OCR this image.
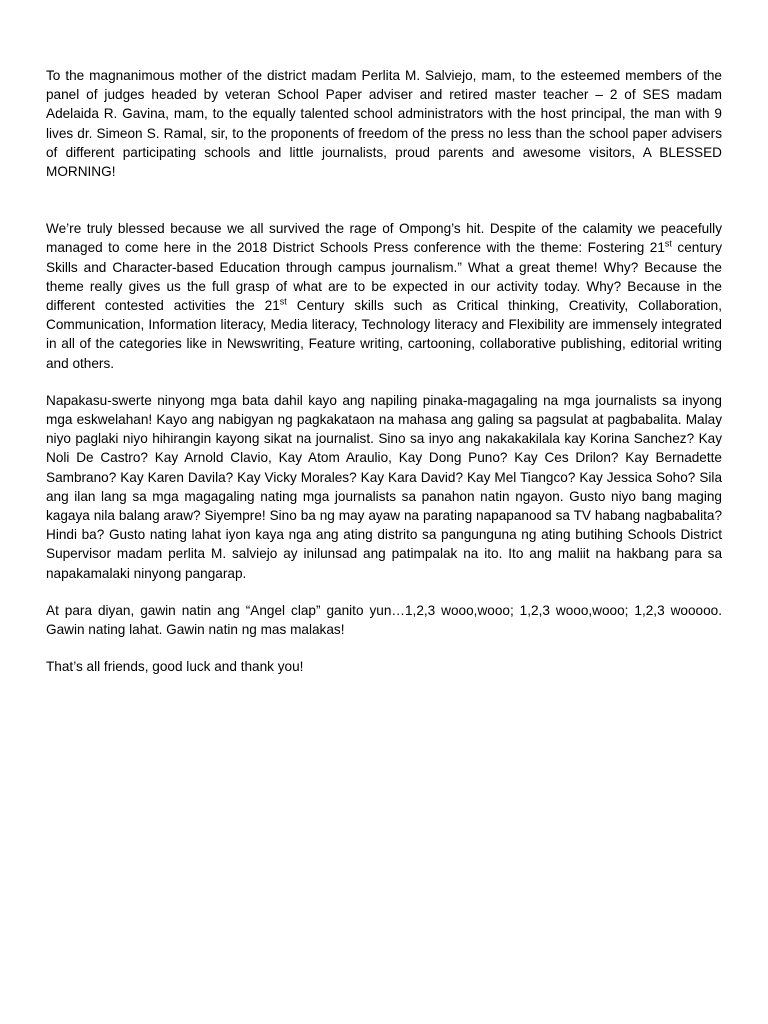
To the magnanimous mother of the district madam Perlita M. Salviejo, mam, to the esteemed members of the panel of judges headed by veteran School Paper adviser and retired master teacher – 2 of SES madam Adelaida R. Gavina, mam, to the equally talented school administrators with the host principal, the man with 9 lives dr. Simeon S. Ramal, sir, to the proponents of freedom of the press no less than the school paper advisers of different participating schools and little journalists, proud parents and awesome visitors, A BLESSED MORNING!

We’re truly blessed because we all survived the rage of Ompong’s hit. Despite of the calamity we peacefully managed to come here in the 2018 District Schools Press conference with the theme: Fostering 21st century Skills and Character-based Education through campus journalism.” What a great theme! Why? Because the theme really gives us the full grasp of what are to be expected in our activity today. Why? Because in the different contested activities the 21st Century skills such as Critical thinking, Creativity, Collaboration, Communication, Information literacy, Media literacy, Technology literacy and Flexibility are immensely integrated in all of the categories like in Newswriting, Feature writing, cartooning, collaborative publishing, editorial writing and others.

Napakasu-swerte ninyong mga bata dahil kayo ang napiling pinaka-magagaling na mga journalists sa inyong mga eskwelahan! Kayo ang nabigyan ng pagkakataon na mahasa ang galing sa pagsulat at pagbabalita. Malay niyo paglaki niyo hihirangin kayong sikat na journalist. Sino sa inyo ang nakakakilala kay Korina Sanchez? Kay Noli De Castro? Kay Arnold Clavio, Kay Atom Araulio, Kay Dong Puno? Kay Ces Drilon? Kay Bernadette Sambrano? Kay Karen Davila? Kay Vicky Morales? Kay Kara David? Kay Mel Tiangco? Kay Jessica Soho? Sila ang ilan lang sa mga magagaling nating mga journalists sa panahon natin ngayon. Gusto niyo bang maging kagaya nila balang araw? Siyempre! Sino ba ng may ayaw na parating napapanood sa TV habang nagbabalita? Hindi ba? Gusto nating lahat iyon kaya nga ang ating distrito sa pangunguna ng ating butihing Schools District Supervisor madam perlita M. salviejo ay inilunsad ang patimpalak na ito. Ito ang maliit na hakbang para sa napakamalaki ninyong pangarap.

At para diyan, gawin natin ang “Angel clap” ganito yun…1,2,3 wooo,wooo; 1,2,3 wooo,wooo; 1,2,3 wooooo. Gawin nating lahat. Gawin natin ng mas malakas!

That’s all friends, good luck and thank you!
